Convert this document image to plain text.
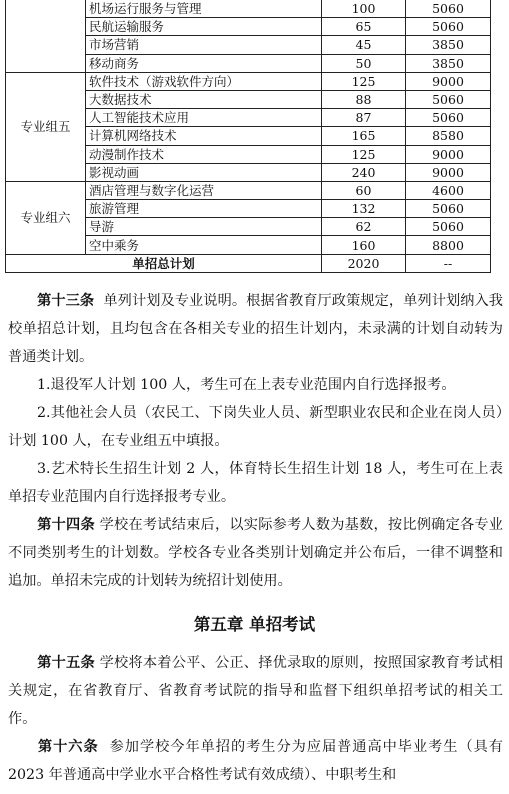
	机场运行服务与管理	100	5060
	民航运输服务	65	5060
	市场营销	45	3850
	移动商务	50	3850
专业组五	软件技术（游戏软件方向）	125	9000
	大数据技术	88	5060
	人工智能技术应用	87	5060
	计算机网络技术	165	8580
	动漫制作技术	125	9000
	影视动画	240	9000
专业组六	酒店管理与数字化运营	60	4600
	旅游管理	132	5060
	导游	62	5060
	空中乘务	160	8800
单招总计划		2020	--

第十三条 单列计划及专业说明。根据省教育厅政策规定，单列计划纳入我校单招总计划，且均包含在各相关专业的招生计划内，未录满的计划自动转为普通类计划。

1.退役军人计划 100 人，考生可在上表专业范围内自行选择报考。

2.其他社会人员（农民工、下岗失业人员、新型职业农民和企业在岗人员）计划 100 人，在专业组五中填报。

3.艺术特长生招生计划 2 人，体育特长生招生计划 18 人，考生可在上表单招专业范围内自行选择报考专业。

第十四条 学校在考试结束后，以实际参考人数为基数，按比例确定各专业不同类别考生的计划数。学校各专业各类别计划确定并公布后，一律不调整和追加。单招未完成的计划转为统招计划使用。

第五章 单招考试

第十五条 学校将本着公平、公正、择优录取的原则，按照国家教育考试相关规定，在省教育厅、省教育考试院的指导和监督下组织单招考试的相关工作。

第十六条 参加学校今年单招的考生分为应届普通高中毕业考生（具有 2023 年普通高中学业水平合格性考试有效成绩）、中职考生和
